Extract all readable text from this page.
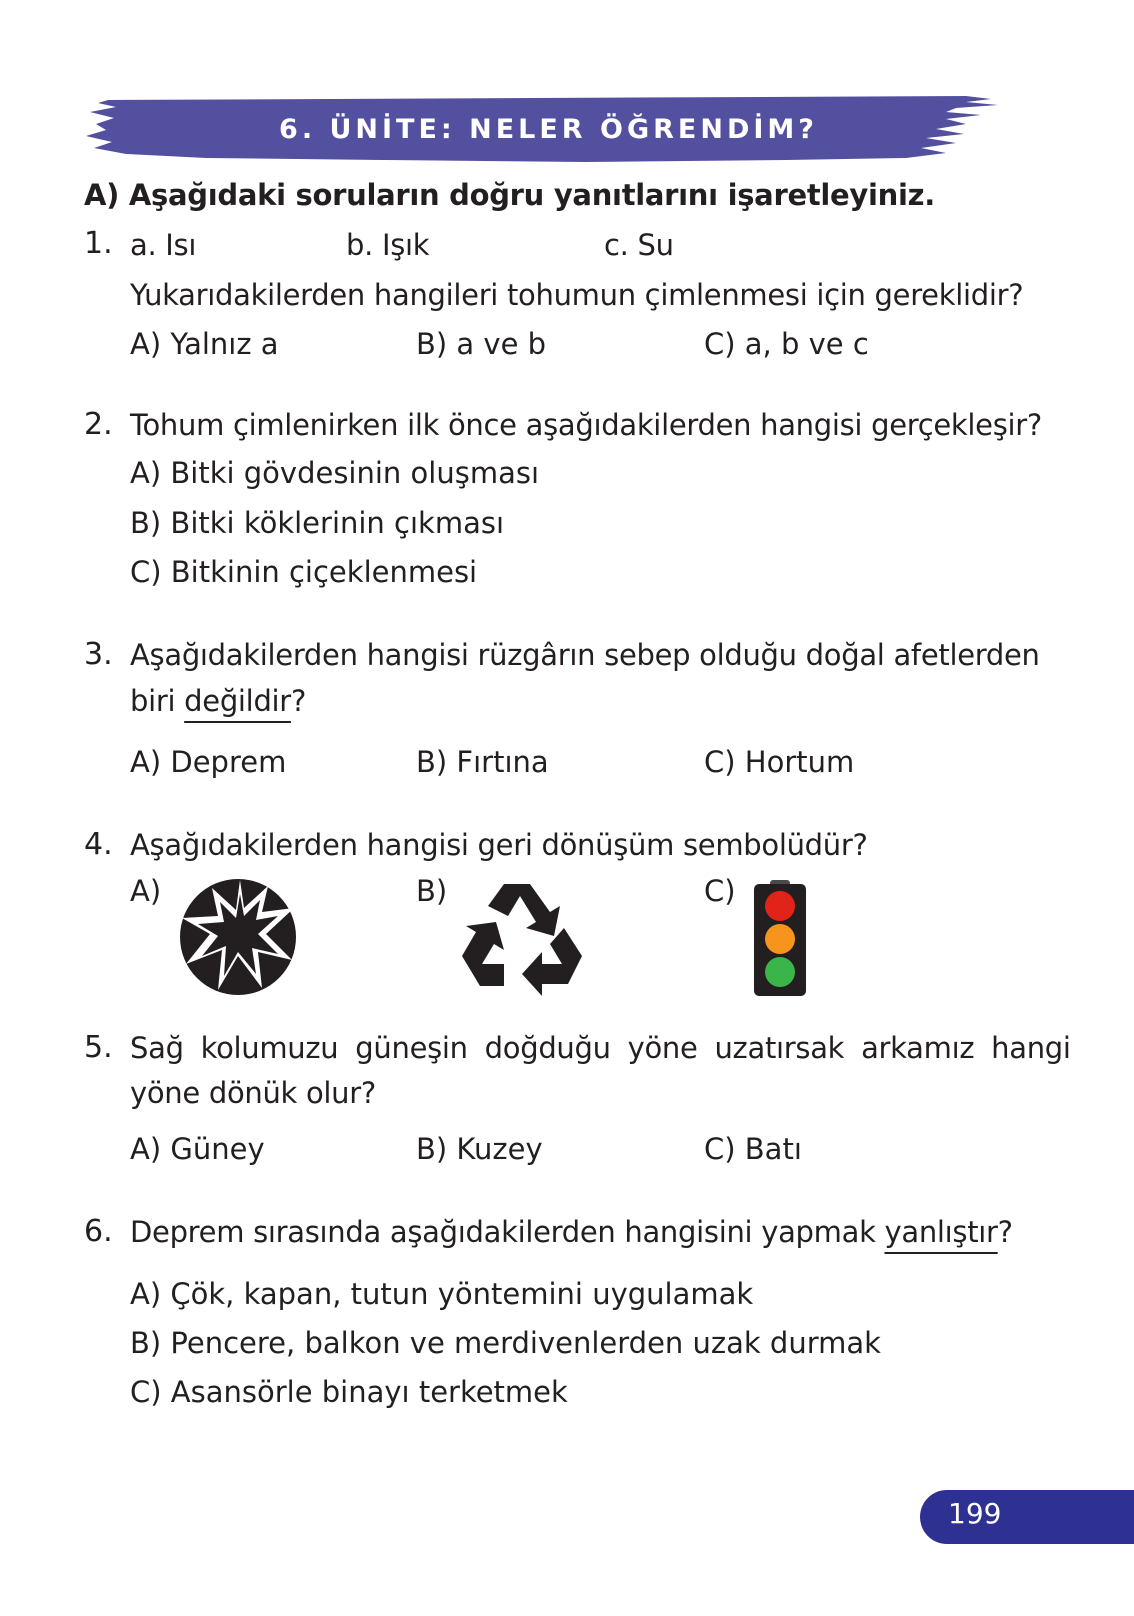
6. ÜNİTE: NELER ÖĞRENDİM?
A) Aşağıdaki soruların doğru yanıtlarını işaretleyiniz.
1. a. Isı	b. Işık	c. Su
Yukarıdakilerden hangileri tohumun çimlenmesi için gereklidir?
A) Yalnız a	B) a ve b	C) a, b ve c
2. Tohum çimlenirken ilk önce aşağıdakilerden hangisi gerçekleşir?
A) Bitki gövdesinin oluşması
B) Bitki köklerinin çıkması
C) Bitkinin çiçeklenmesi
3. Aşağıdakilerden hangisi rüzgârın sebep olduğu doğal afetlerden
biri değildir?
A) Deprem	B) Fırtına	C) Hortum
4. Aşağıdakilerden hangisi geri dönüşüm sembolüdür?
A)	B)	C)
5. Sağ kolumuzu güneşin doğduğu yöne uzatırsak arkamız hangi
yöne dönük olur?
A) Güney	B) Kuzey	C) Batı
6. Deprem sırasında aşağıdakilerden hangisini yapmak yanlıştır?
A) Çök, kapan, tutun yöntemini uygulamak
B) Pencere, balkon ve merdivenlerden uzak durmak
C) Asansörle binayı terketmek
199
